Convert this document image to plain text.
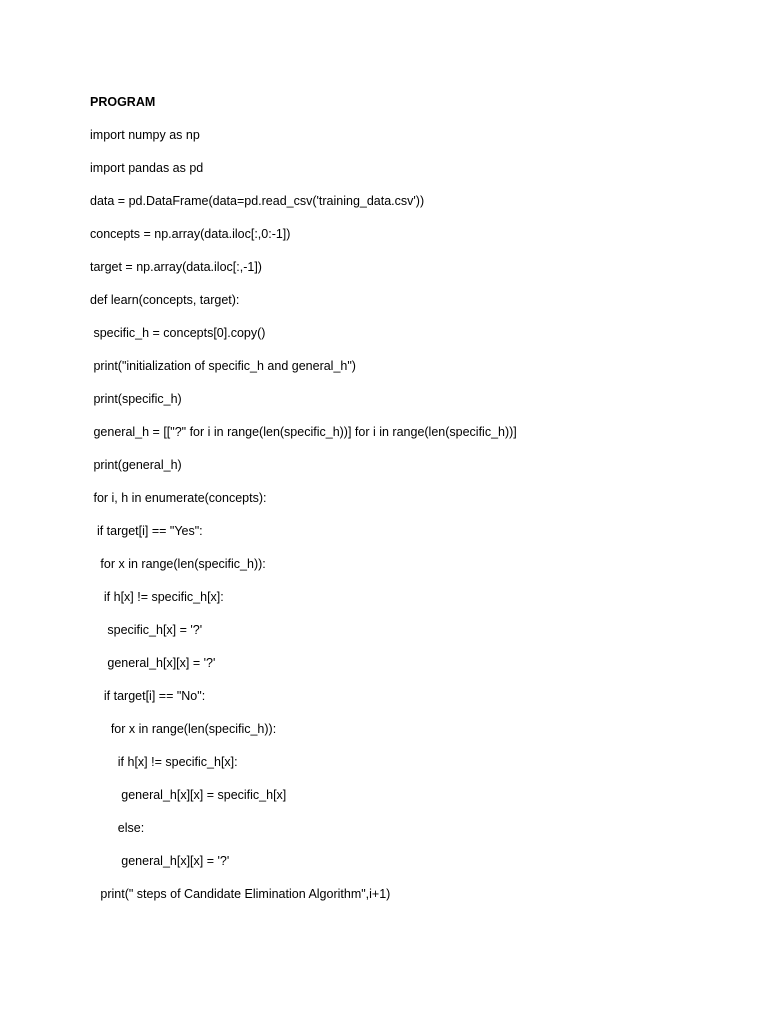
PROGRAM
import numpy as np
import pandas as pd
data = pd.DataFrame(data=pd.read_csv('training_data.csv'))
concepts = np.array(data.iloc[:,0:-1])
target = np.array(data.iloc[:,-1])
def learn(concepts, target):
specific_h = concepts[0].copy()
print("initialization of specific_h and general_h")
print(specific_h)
general_h = [["?" for i in range(len(specific_h))] for i in range(len(specific_h))]
print(general_h)
for i, h in enumerate(concepts):
if target[i] == "Yes":
for x in range(len(specific_h)):
if h[x] != specific_h[x]:
specific_h[x] = '?'
general_h[x][x] = '?'
if target[i] == "No":
for x in range(len(specific_h)):
if h[x] != specific_h[x]:
general_h[x][x] = specific_h[x]
else:
general_h[x][x] = '?'
print(" steps of Candidate Elimination Algorithm",i+1)
